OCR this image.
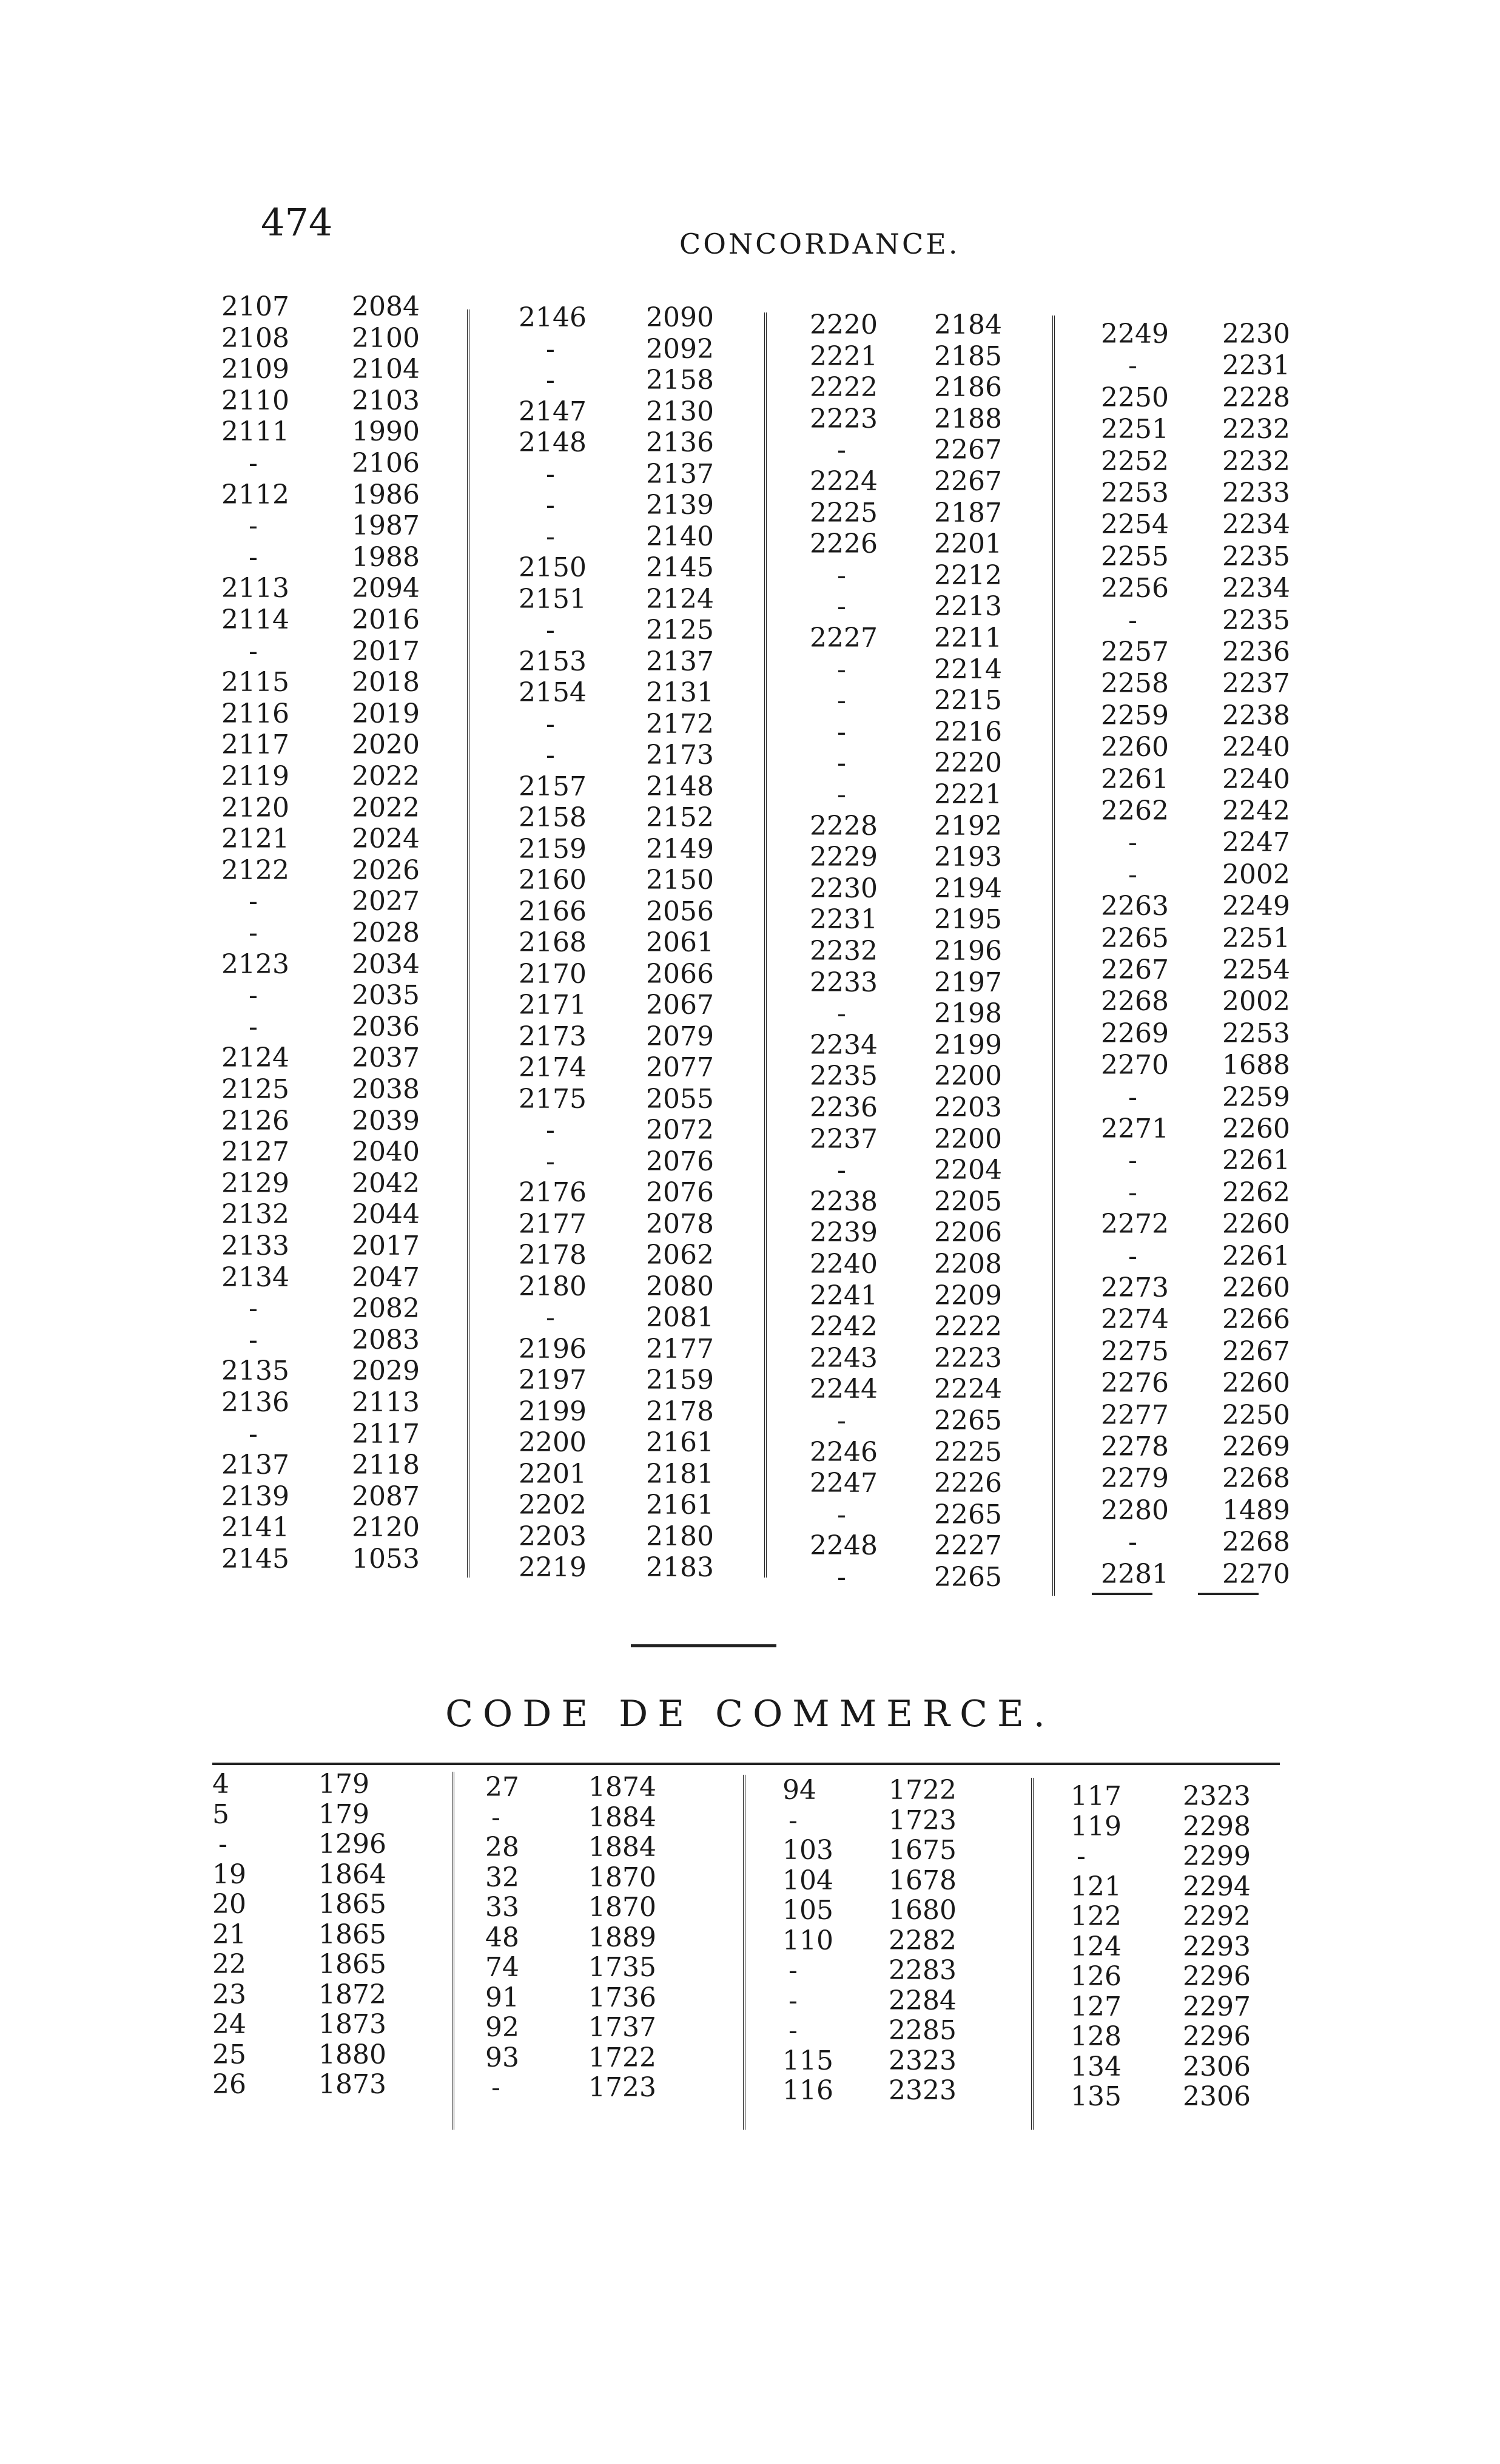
474	CONCORDANCE.
2107 2084
2108 2100
2109 2104
2110 2103
2111 1990
-	2106
2112 1986
-	1987
-	1988
2113 2094
2114 2016
-	2017
2115 2018
2116 2019
2117 2020
2119 2022
2120 2022
2121 2024
2122 2026
-	2027
-	2028
2123 2034
-	2035
-	2036
2124 2037
2125 2038
2126 2039
2127 2040
2129 2042
2132 2044
2133 2017
2134 2047
-	2082
-	2083
2135 2029
2136 2113
-	2117
2137 2118
2139 2087
2141 2120
2145 1053
2146 2090
-	2092
-	2158
2147 2130
2148 2136
-	2137
-	2139
-	2140
2150 2145
2151 2124
-	2125
2153 2137
2154 2131
-	2172
-	2173
2157 2148
2158 2152
2159 2149
2160 2150
2166 2056
2168 2061
2170 2066
2171 2067
2173 2079
2174 2077
2175 2055
-	2072
-	2076
2176 2076
2177 2078
2178 2062
2180 2080
-	2081
2196 2177
2197 2159
2199 2178
2200 2161
2201 2181
2202 2161
2203 2180
2219 2183
2220 2184
2221 2185
2222 2186
2223 2188
-	2267
2224 2267
2225 2187
2226 2201
-	2212
-	2213
2227 2211
-	2214
-	2215
-	2216
-	2220
-	2221
2228 2192
2229 2193
2230 2194
2231 2195
2232 2196
2233 2197
-	2198
2234 2199
2235 2200
2236 2203
2237 2200
-	2204
2238 2205
2239 2206
2240 2208
2241 2209
2242 2222
2243 2223
2244 2224
-	2265
2246 2225
2247 2226
-	2265
2248 2227
-	2265
2249 2230
-	2231
2250 2228
2251 2232
2252 2232
2253 2233
2254 2234
2255 2235
2256 2234
-	2235
2257 2236
2258 2237
2259 2238
2260 2240
2261 2240
2262 2242
-	2247
-	2002
2263 2249
2265 2251
2267 2254
2268 2002
2269 2253
2270 1688
-	2259
2271 2260
-	2261
-	2262
2272 2260
-	2261
2273 2260
2274 2266
2275 2267
2276 2260
2277 2250
2278 2269
2279 2268
2280 1489
-	2268
2281 2270
CODE DE COMMERCE.
4	179
5	179
-	1296
19	1864
20	1865
21	1865
22	1865
23	1872
24	1873
25	1880
26	1873
27	1874
-	1884
28	1884
32	1870
33	1870
48	1889
74	1735
91	1736
92	1737
93	1722
-	1723
94	1722
-	1723
103 1675
104 1678
105 1680
110 2282
-	2283
-	2284
-	2285
115 2323
116 2323
117 2323
119 2298
-	2299
121 2294
122 2292
124 2293
126 2296
127 2297
128 2296
134 2306
135 2306
